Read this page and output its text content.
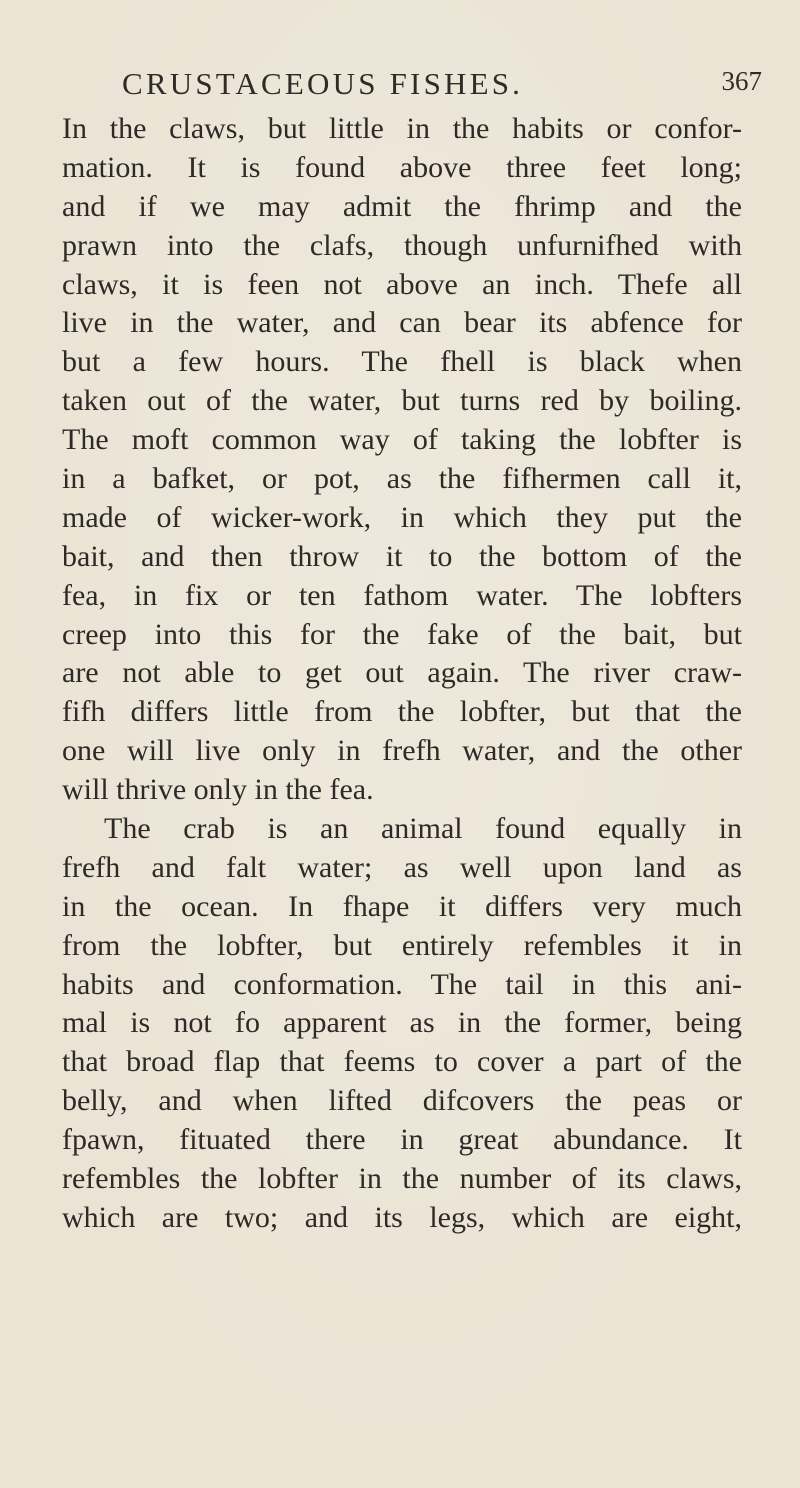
CRUSTACEOUS FISHES.	367
In the claws, but little in the habits or confor-
mation. It is found above three feet long;
and if we may admit the fhrimp and the
prawn into the clafs, though unfurnifhed with
claws, it is feen not above an inch. Thefe all
live in the water, and can bear its abfence for
but a few hours. The fhell is black when
taken out of the water, but turns red by boiling.
The moft common way of taking the lobfter is
in a bafket, or pot, as the fifhermen call it,
made of wicker-work, in which they put the
bait, and then throw it to the bottom of the
fea, in fix or ten fathom water. The lobfters
creep into this for the fake of the bait, but
are not able to get out again. The river craw-
fifh differs little from the lobfter, but that the
one will live only in frefh water, and the other
will thrive only in the fea.
The crab is an animal found equally in
frefh and falt water; as well upon land as
in the ocean. In fhape it differs very much
from the lobfter, but entirely refembles it in
habits and conformation. The tail in this ani-
mal is not fo apparent as in the former, being
that broad flap that feems to cover a part of the
belly, and when lifted difcovers the peas or
fpawn, fituated there in great abundance. It
refembles the lobfter in the number of its claws,
which are two; and its legs, which are eight,
